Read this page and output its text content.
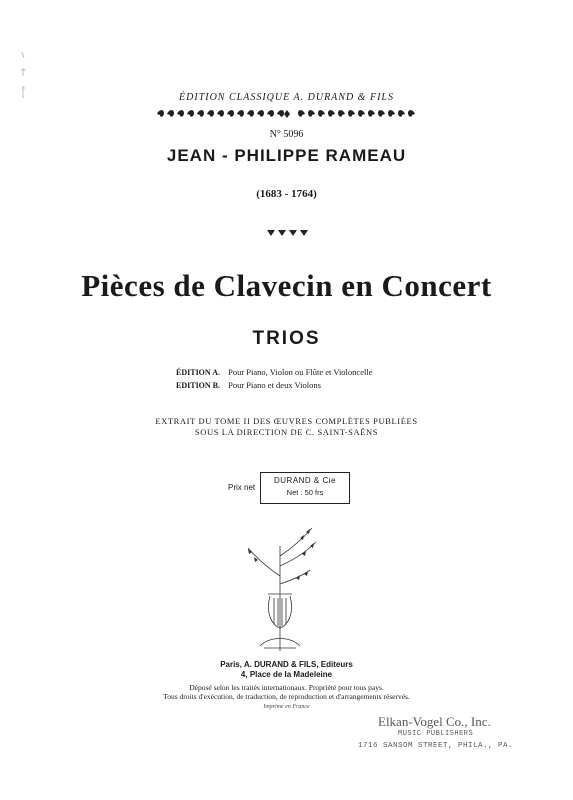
ÉDITION CLASSIQUE A. DURAND & FILS
N° 5096
JEAN - PHILIPPE RAMEAU
(1683 - 1764)
Pièces de Clavecin en Concert
TRIOS
ÉDITION A. Pour Piano, Violon ou Flûte et Violoncelle
EDITION B. Pour Piano et deux Violons
EXTRAIT DU TOME II DES ŒUVRES COMPLÈTES PUBLIÉES
SOUS LA DIRECTION DE C. SAINT-SAËNS
Prix net
DURAND & Cie
Net : 50 frs
Paris, A. DURAND & FILS, Editeurs
4, Place de la Madeleine
Déposé selon les traités internationaux. Propriété pour tous pays.
Tous droits d'exécution, de traduction, de reproduction et d'arrangements réservés.
Imprimé en France
Elkan-Vogel Co., Inc.
MUSIC PUBLISHERS
1716 SANSOM STREET, PHILA., PA.
